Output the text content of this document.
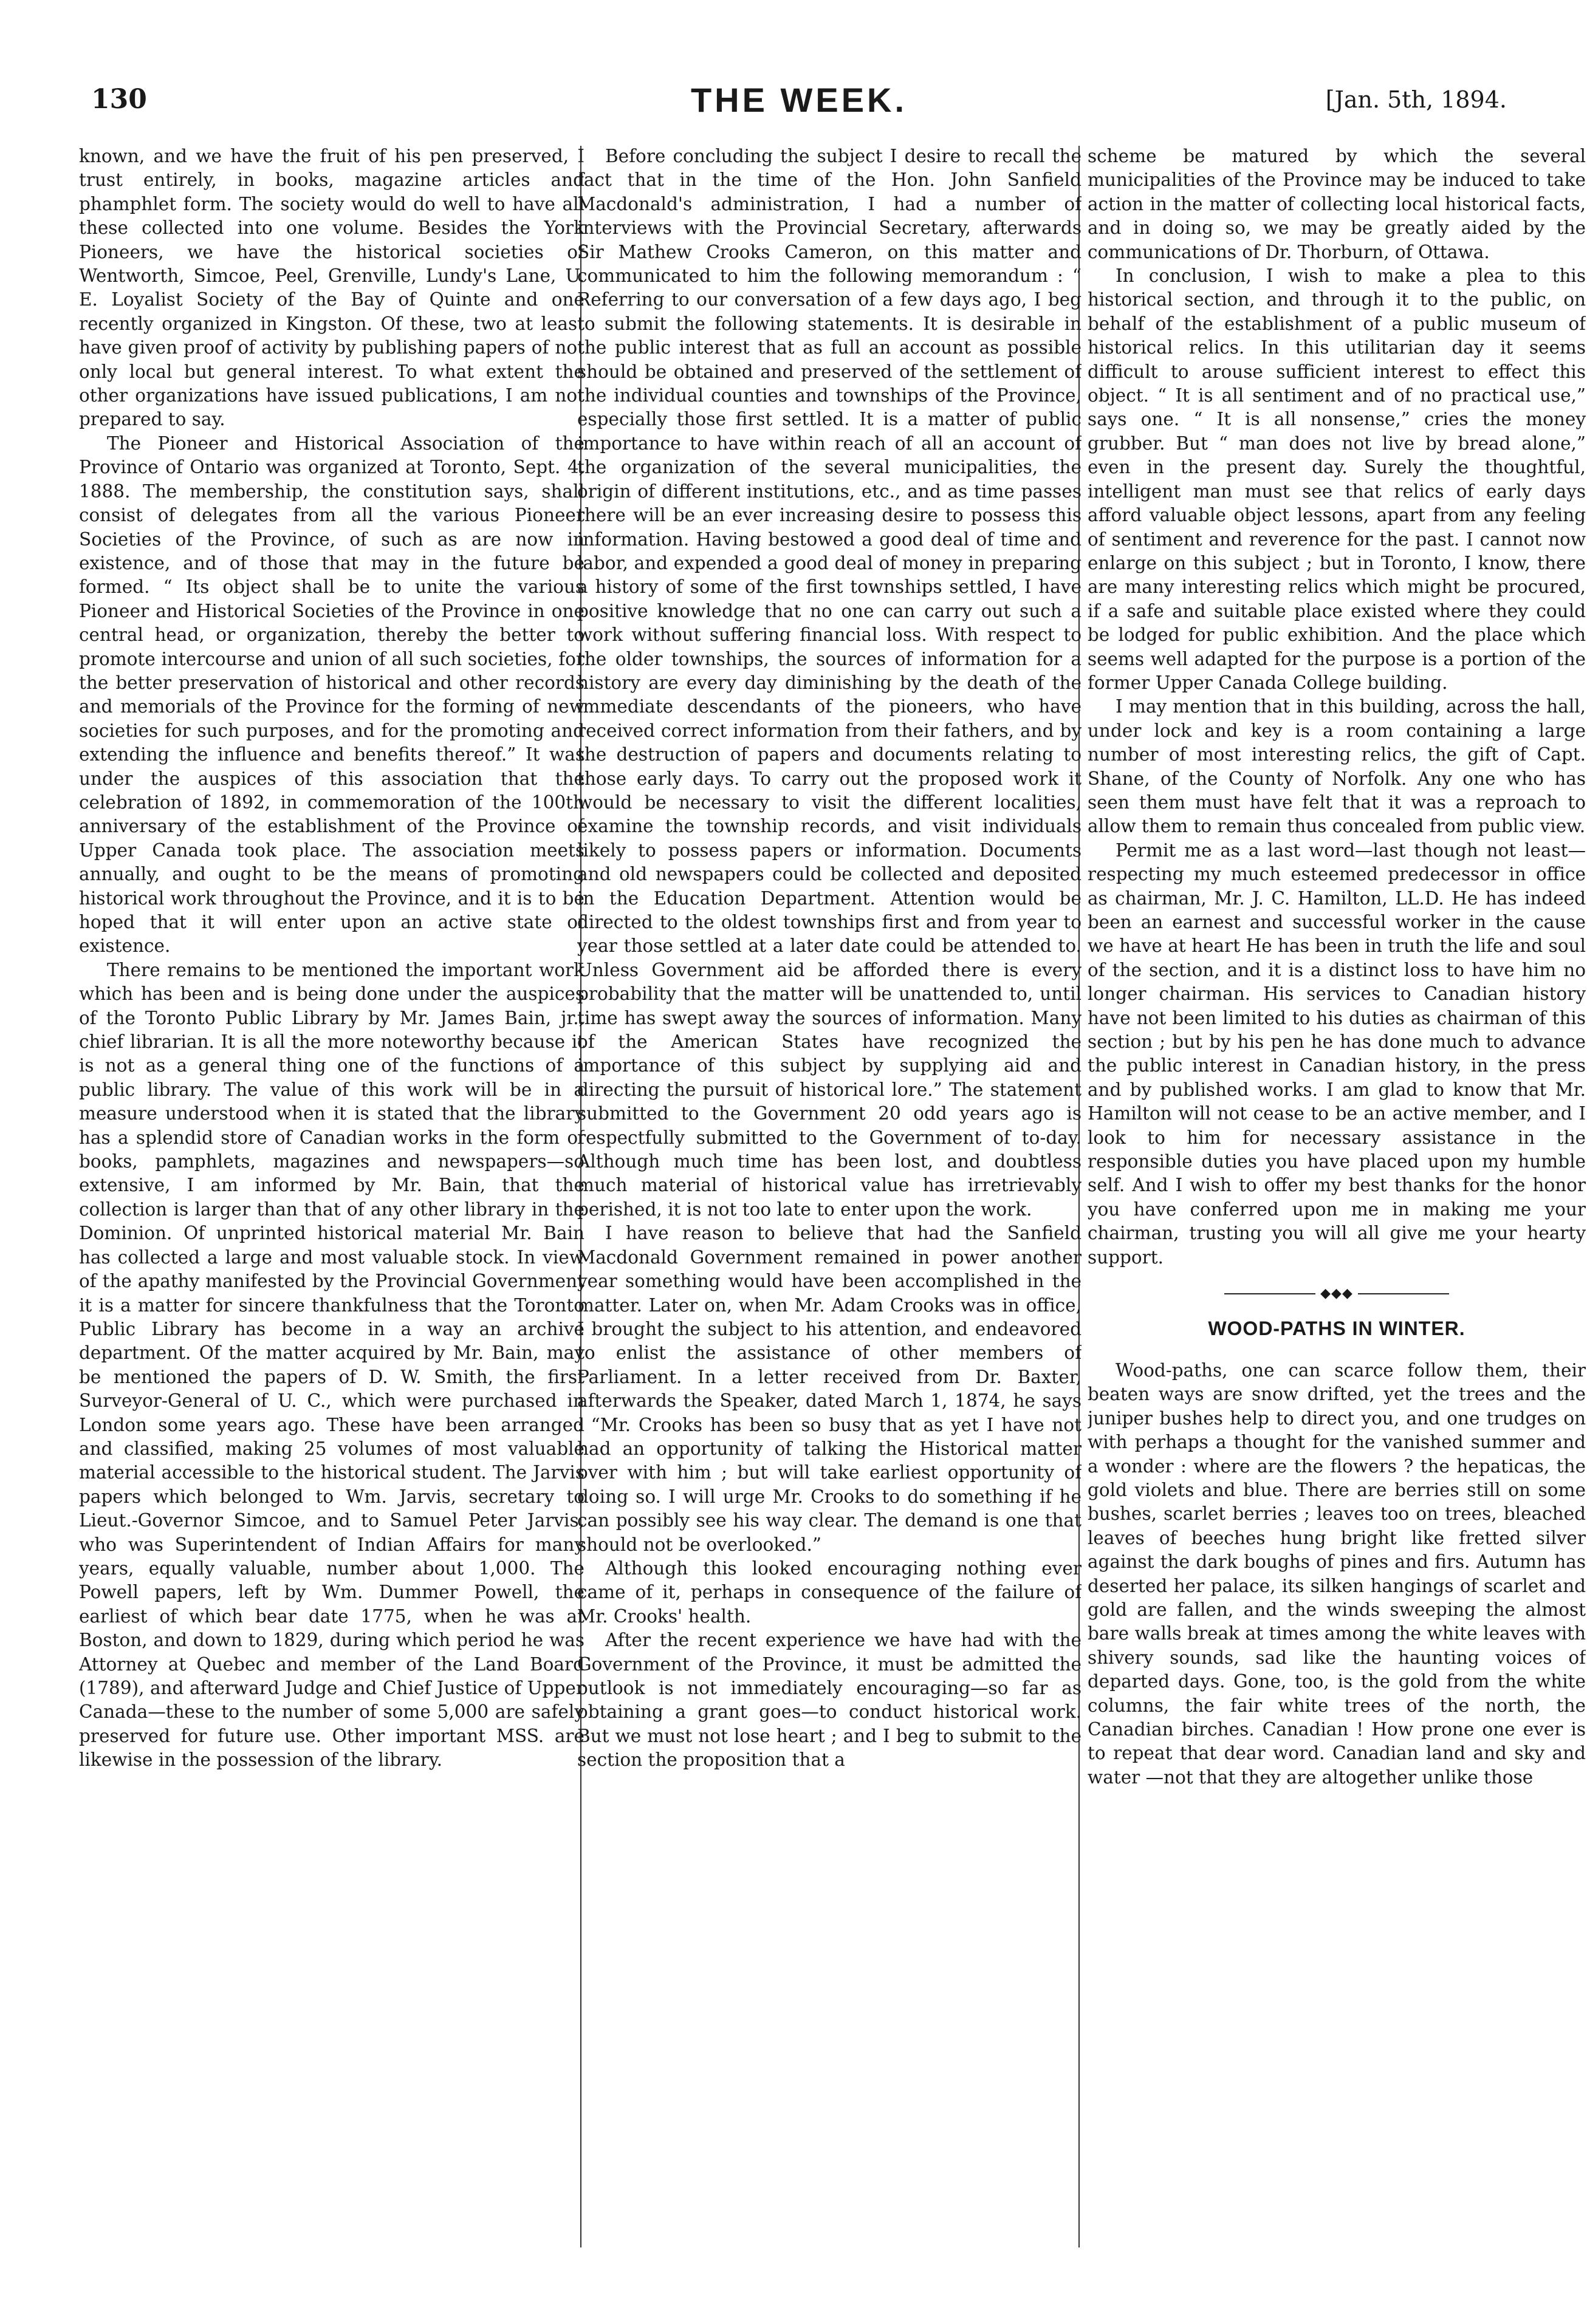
130	THE WEEK.	[Jan. 5th, 1894.

known, and we have the fruit of his pen preserved, I trust entirely, in books, magazine articles and phamphlet form. The society would do well to have all these collected into one volume. Besides the York Pioneers, we have the historical societies of Wentworth, Simcoe, Peel, Grenville, Lundy's Lane, U. E. Loyalist Society of the Bay of Quinte and one recently organized in Kingston. Of these, two at least have given proof of activity by publishing papers of not only local but general interest. To what extent the other organizations have issued publications, I am not prepared to say.

The Pioneer and Historical Association of the Province of Ontario was organized at Toronto, Sept. 4, 1888. The membership, the constitution says, shall consist of delegates from all the various Pioneer Societies of the Province, of such as are now in existence, and of those that may in the future be formed. “ Its object shall be to unite the various Pioneer and Historical Societies of the Province in one central head, or organization, thereby the better to promote intercourse and union of all such societies, for the better preservation of historical and other records and memorials of the Province for the forming of new societies for such purposes, and for the promoting and extending the influence and benefits thereof.” It was under the auspices of this association that the celebration of 1892, in commemoration of the 100th anniversary of the establishment of the Province of Upper Canada took place. The association meets annually, and ought to be the means of promoting historical work throughout the Province, and it is to be hoped that it will enter upon an active state of existence.

There remains to be mentioned the important work which has been and is being done under the auspices of the Toronto Public Library by Mr. James Bain, jr., chief librarian. It is all the more noteworthy because it is not as a general thing one of the functions of a public library. The value of this work will be in a measure understood when it is stated that the library has a splendid store of Canadian works in the form of books, pamphlets, magazines and newspapers—so extensive, I am informed by Mr. Bain, that the collection is larger than that of any other library in the Dominion. Of unprinted historical material Mr. Bain has collected a large and most valuable stock. In view of the apathy manifested by the Provincial Government it is a matter for sincere thankfulness that the Toronto Public Library has become in a way an archive department. Of the matter acquired by Mr. Bain, may be mentioned the papers of D. W. Smith, the first Surveyor-General of U. C., which were purchased in London some years ago. These have been arranged and classified, making 25 volumes of most valuable material accessible to the historical student. The Jarvis papers which belonged to Wm. Jarvis, secretary to Lieut.-Governor Simcoe, and to Samuel Peter Jarvis, who was Superintendent of Indian Affairs for many years, equally valuable, number about 1,000. The Powell papers, left by Wm. Dummer Powell, the earliest of which bear date 1775, when he was at Boston, and down to 1829, during which period he was Attorney at Quebec and member of the Land Board (1789), and afterward Judge and Chief Justice of Upper Canada—these to the number of some 5,000 are safely preserved for future use. Other important MSS. are likewise in the possession of the library.

Before concluding the subject I desire to recall the fact that in the time of the Hon. John Sanfield Macdonald's administration, I had a number of interviews with the Provincial Secretary, afterwards Sir Mathew Crooks Cameron, on this matter and communicated to him the following memorandum : “ Referring to our conversation of a few days ago, I beg to submit the following statements. It is desirable in the public interest that as full an account as possible should be obtained and preserved of the settlement of the individual counties and townships of the Province, especially those first settled. It is a matter of public importance to have within reach of all an account of the organization of the several municipalities, the origin of different institutions, etc., and as time passes there will be an ever increasing desire to possess this information. Having bestowed a good deal of time and labor, and expended a good deal of money in preparing a history of some of the first townships settled, I have positive knowledge that no one can carry out such a work without suffering financial loss. With respect to the older townships, the sources of information for a history are every day diminishing by the death of the immediate descendants of the pioneers, who have received correct information from their fathers, and by the destruction of papers and documents relating to those early days. To carry out the proposed work it would be necessary to visit the different localities, examine the township records, and visit individuals likely to possess papers or information. Documents and old newspapers could be collected and deposited in the Education Department. Attention would be directed to the oldest townships first and from year to year those settled at a later date could be attended to. Unless Government aid be afforded there is every probability that the matter will be unattended to, until time has swept away the sources of information. Many of the American States have recognized the importance of this subject by supplying aid and directing the pursuit of historical lore.” The statement submitted to the Government 20 odd years ago is respectfully submitted to the Government of to-day. Although much time has been lost, and doubtless much material of historical value has irretrievably perished, it is not too late to enter upon the work.

I have reason to believe that had the Sanfield Macdonald Government remained in power another year something would have been accomplished in the matter. Later on, when Mr. Adam Crooks was in office, I brought the subject to his attention, and endeavored to enlist the assistance of other members of Parliament. In a letter received from Dr. Baxter, afterwards the Speaker, dated March 1, 1874, he says : “Mr. Crooks has been so busy that as yet I have not had an opportunity of talking the Historical matter over with him ; but will take earliest opportunity of doing so. I will urge Mr. Crooks to do something if he can possibly see his way clear. The demand is one that should not be overlooked.”

Although this looked encouraging nothing ever came of it, perhaps in consequence of the failure of Mr. Crooks' health.

After the recent experience we have had with the Government of the Province, it must be admitted the outlook is not immediately encouraging—so far as obtaining a grant goes—to conduct historical work. But we must not lose heart ; and I beg to submit to the section the proposition that a

scheme be matured by which the several municipalities of the Province may be induced to take action in the matter of collecting local historical facts, and in doing so, we may be greatly aided by the communications of Dr. Thorburn, of Ottawa.

In conclusion, I wish to make a plea to this historical section, and through it to the public, on behalf of the establishment of a public museum of historical relics. In this utilitarian day it seems difficult to arouse sufficient interest to effect this object. “ It is all sentiment and of no practical use,” says one. “ It is all nonsense,” cries the money grubber. But “ man does not live by bread alone,” even in the present day. Surely the thoughtful, intelligent man must see that relics of early days afford valuable object lessons, apart from any feeling of sentiment and reverence for the past. I cannot now enlarge on this subject ; but in Toronto, I know, there are many interesting relics which might be procured, if a safe and suitable place existed where they could be lodged for public exhibition. And the place which seems well adapted for the purpose is a portion of the former Upper Canada College building.

I may mention that in this building, across the hall, under lock and key is a room containing a large number of most interesting relics, the gift of Capt. Shane, of the County of Norfolk. Any one who has seen them must have felt that it was a reproach to allow them to remain thus concealed from public view.

Permit me as a last word—last though not least—respecting my much esteemed predecessor in office as chairman, Mr. J. C. Hamilton, LL.D. He has indeed been an earnest and successful worker in the cause we have at heart He has been in truth the life and soul of the section, and it is a distinct loss to have him no longer chairman. His services to Canadian history have not been limited to his duties as chairman of this section ; but by his pen he has done much to advance the public interest in Canadian history, in the press and by published works. I am glad to know that Mr. Hamilton will not cease to be an active member, and I look to him for necessary assistance in the responsible duties you have placed upon my humble self. And I wish to offer my best thanks for the honor you have conferred upon me in making me your chairman, trusting you will all give me your hearty support.

◆◆◆
WOOD-PATHS IN WINTER.

Wood-paths, one can scarce follow them, their beaten ways are snow drifted, yet the trees and the juniper bushes help to direct you, and one trudges on with perhaps a thought for the vanished summer and a wonder : where are the flowers ? the hepaticas, the gold violets and blue. There are berries still on some bushes, scarlet berries ; leaves too on trees, bleached leaves of beeches hung bright like fretted silver against the dark boughs of pines and firs. Autumn has deserted her palace, its silken hangings of scarlet and gold are fallen, and the winds sweeping the almost bare walls break at times among the white leaves with shivery sounds, sad like the haunting voices of departed days. Gone, too, is the gold from the white columns, the fair white trees of the north, the Canadian birches. Canadian ! How prone one ever is to repeat that dear word. Canadian land and sky and water —not that they are altogether unlike those
